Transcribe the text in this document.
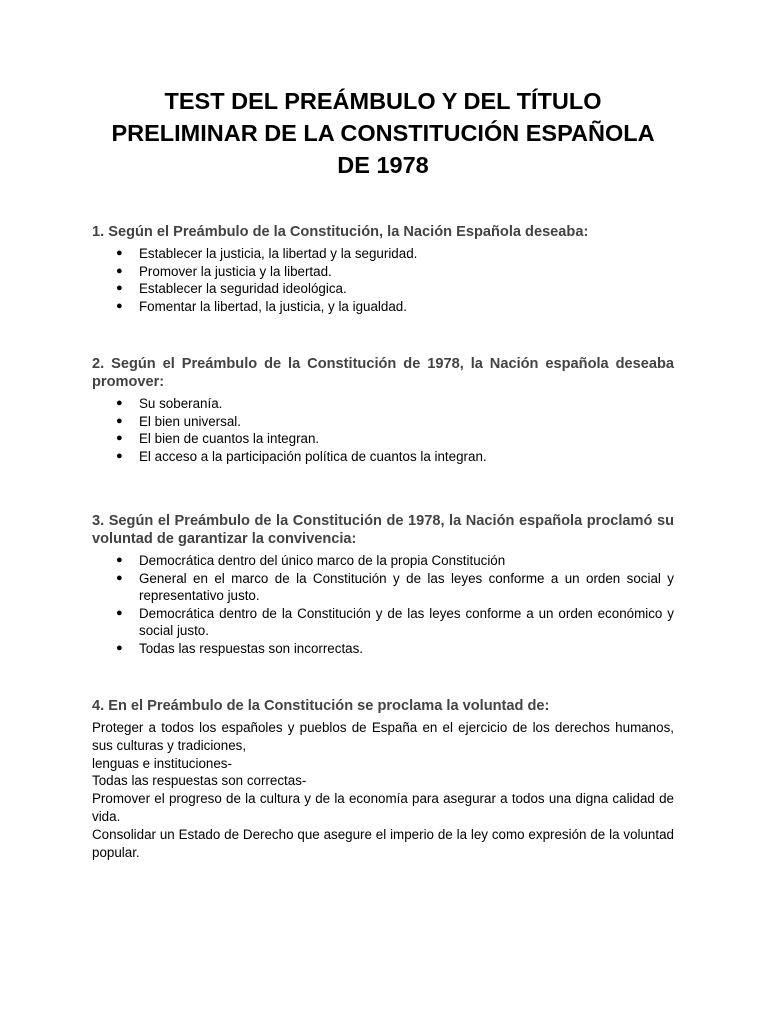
TEST DEL PREÁMBULO Y DEL TÍTULO
PRELIMINAR DE LA CONSTITUCIÓN ESPAÑOLA
DE 1978

1. Según el Preámbulo de la Constitución, la Nación Española deseaba:

● Establecer la justicia, la libertad y la seguridad.
● Promover la justicia y la libertad.
● Establecer la seguridad ideológica.
● Fomentar la libertad, la justicia, y la igualdad.

2. Según el Preámbulo de la Constitución de 1978, la Nación española deseaba promover:

● Su soberanía.
● El bien universal.
● El bien de cuantos la integran.
● El acceso a la participación política de cuantos la integran.

3. Según el Preámbulo de la Constitución de 1978, la Nación española proclamó su voluntad de garantizar la convivencia:

● Democrática dentro del único marco de la propia Constitución
● General en el marco de la Constitución y de las leyes conforme a un orden social y representativo justo.
● Democrática dentro de la Constitución y de las leyes conforme a un orden económico y social justo.
● Todas las respuestas son incorrectas.

4. En el Preámbulo de la Constitución se proclama la voluntad de:

Proteger a todos los españoles y pueblos de España en el ejercicio de los derechos humanos, sus culturas y tradiciones,

lenguas e instituciones-

Todas las respuestas son correctas-

Promover el progreso de la cultura y de la economía para asegurar a todos una digna calidad de vida.

Consolidar un Estado de Derecho que asegure el imperio de la ley como expresión de la voluntad popular.
